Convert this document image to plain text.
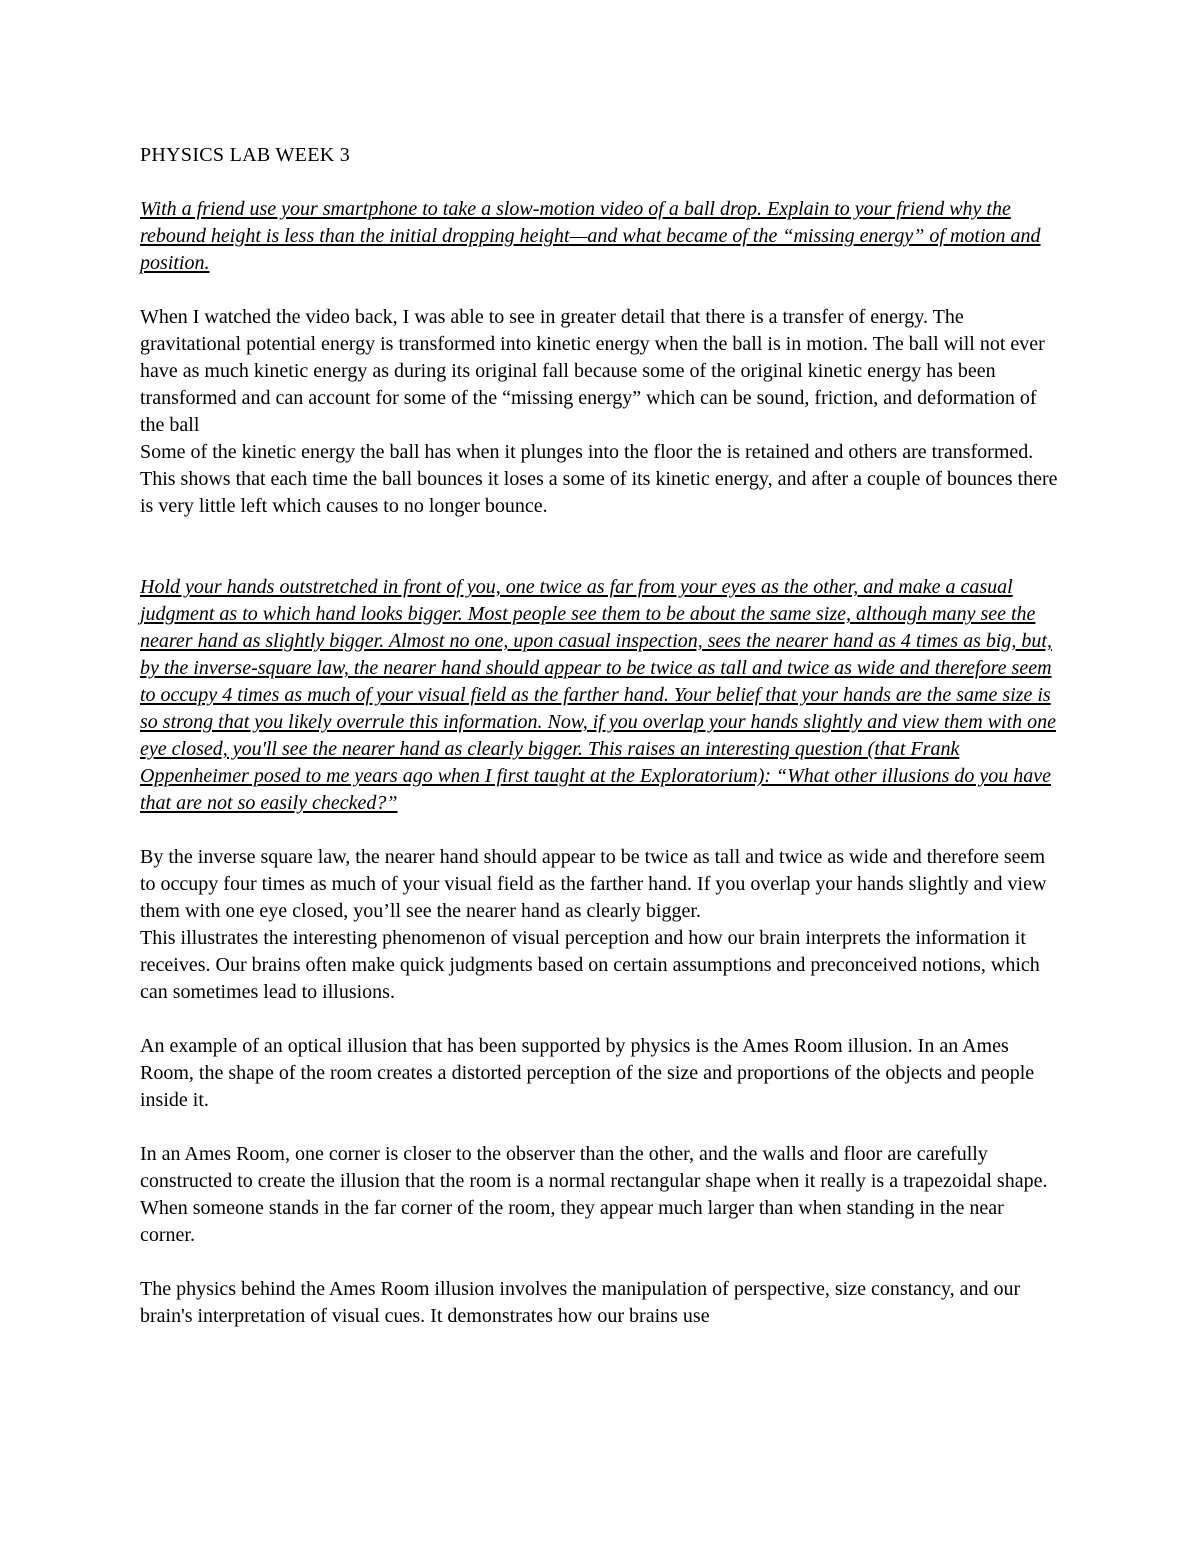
PHYSICS LAB WEEK 3

With a friend use your smartphone to take a slow-motion video of a ball drop. Explain to your friend why the rebound height is less than the initial dropping height—and what became of the “missing energy” of motion and position.

When I watched the video back, I was able to see in greater detail that there is a transfer of energy. The gravitational potential energy is transformed into kinetic energy when the ball is in motion. The ball will not ever have as much kinetic energy as during its original fall because some of the original kinetic energy has been transformed and can account for some of the “missing energy” which can be sound, friction, and deformation of the ball

Some of the kinetic energy the ball has when it plunges into the floor the is retained and others are transformed. This shows that each time the ball bounces it loses a some of its kinetic energy, and after a couple of bounces there is very little left which causes to no longer bounce.

Hold your hands outstretched in front of you, one twice as far from your eyes as the other, and make a casual judgment as to which hand looks bigger. Most people see them to be about the same size, although many see the nearer hand as slightly bigger. Almost no one, upon casual inspection, sees the nearer hand as 4 times as big, but, by the inverse-square law, the nearer hand should appear to be twice as tall and twice as wide and therefore seem to occupy 4 times as much of your visual field as the farther hand. Your belief that your hands are the same size is so strong that you likely overrule this information. Now, if you overlap your hands slightly and view them with one eye closed, you'll see the nearer hand as clearly bigger. This raises an interesting question (that Frank Oppenheimer posed to me years ago when I first taught at the Exploratorium): “What other illusions do you have that are not so easily checked?”

By the inverse square law, the nearer hand should appear to be twice as tall and twice as wide and therefore seem to occupy four times as much of your visual field as the farther hand. If you overlap your hands slightly and view them with one eye closed, you’ll see the nearer hand as clearly bigger.

This illustrates the interesting phenomenon of visual perception and how our brain interprets the information it receives. Our brains often make quick judgments based on certain assumptions and preconceived notions, which can sometimes lead to illusions.

An example of an optical illusion that has been supported by physics is the Ames Room illusion. In an Ames Room, the shape of the room creates a distorted perception of the size and proportions of the objects and people inside it.

In an Ames Room, one corner is closer to the observer than the other, and the walls and floor are carefully constructed to create the illusion that the room is a normal rectangular shape when it really is a trapezoidal shape. When someone stands in the far corner of the room, they appear much larger than when standing in the near corner.

The physics behind the Ames Room illusion involves the manipulation of perspective, size constancy, and our brain's interpretation of visual cues. It demonstrates how our brains use
